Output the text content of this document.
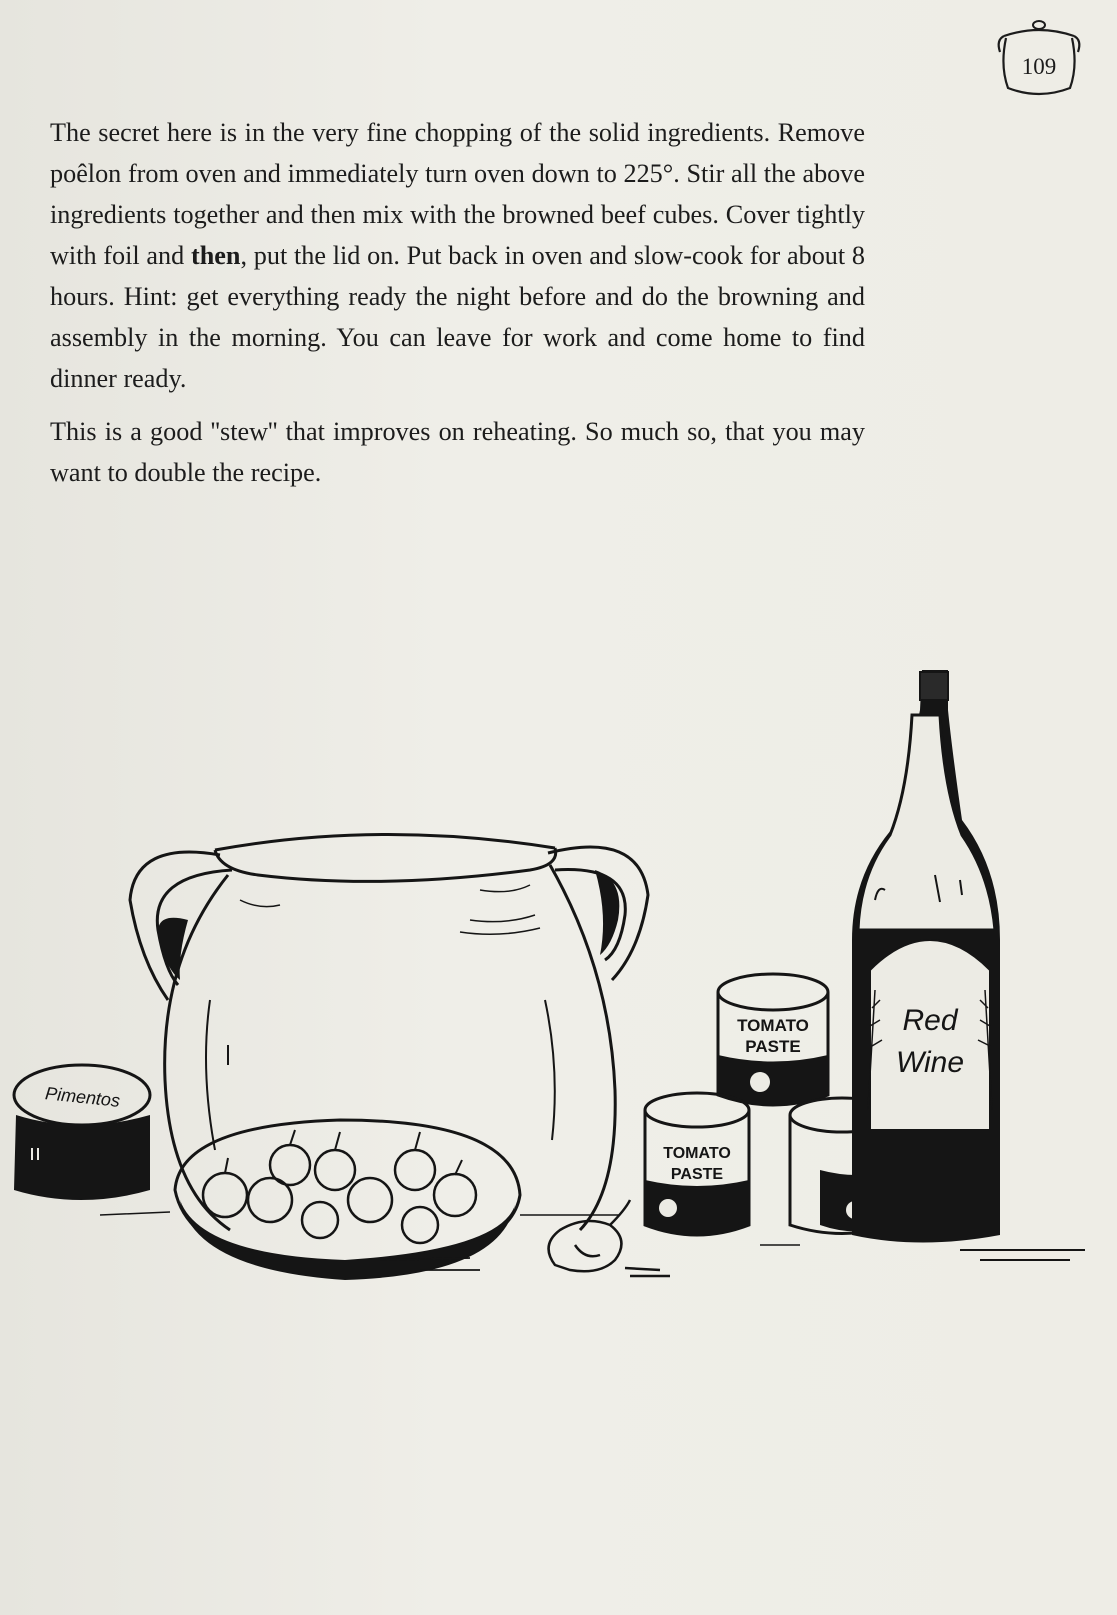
109

The secret here is in the very fine chopping of the solid ingredients. Remove poêlon from oven and immediately turn oven down to 225°. Stir all the above ingredients together and then mix with the browned beef cubes. Cover tightly with foil and then, put the lid on. Put back in oven and slow-cook for about 8 hours. Hint: get everything ready the night before and do the browning and assembly in the morning. You can leave for work and come home to find dinner ready.

This is a good ''stew'' that improves on reheating. So much so, that you may want to double the recipe.

Pimentos
TOMATO
PASTE
TOMATO
PASTE
Red
Wine
